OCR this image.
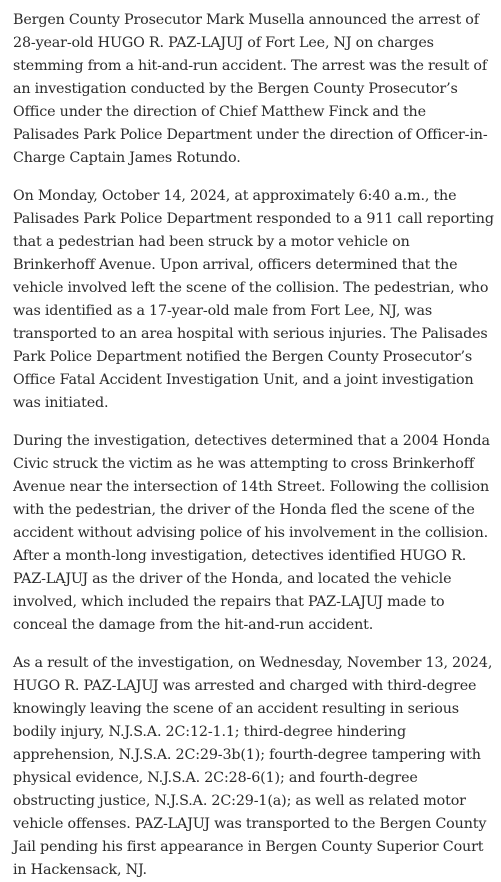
Bergen County Prosecutor Mark Musella announced the arrest of 28-year-old HUGO R. PAZ-LAJUJ of Fort Lee, NJ on charges stemming from a hit-and-run accident. The arrest was the result of an investigation conducted by the Bergen County Prosecutor’s Office under the direction of Chief Matthew Finck and the Palisades Park Police Department under the direction of Officer-in-Charge Captain James Rotundo.

On Monday, October 14, 2024, at approximately 6:40 a.m., the Palisades Park Police Department responded to a 911 call reporting that a pedestrian had been struck by a motor vehicle on Brinkerhoff Avenue. Upon arrival, officers determined that the vehicle involved left the scene of the collision. The pedestrian, who was identified as a 17-year-old male from Fort Lee, NJ, was transported to an area hospital with serious injuries. The Palisades Park Police Department notified the Bergen County Prosecutor’s Office Fatal Accident Investigation Unit, and a joint investigation was initiated.

During the investigation, detectives determined that a 2004 Honda Civic struck the victim as he was attempting to cross Brinkerhoff Avenue near the intersection of 14th Street. Following the collision with the pedestrian, the driver of the Honda fled the scene of the accident without advising police of his involvement in the collision. After a month-long investigation, detectives identified HUGO R. PAZ-LAJUJ as the driver of the Honda, and located the vehicle involved, which included the repairs that PAZ-LAJUJ made to conceal the damage from the hit-and-run accident.

As a result of the investigation, on Wednesday, November 13, 2024, HUGO R. PAZ-LAJUJ was arrested and charged with third-degree knowingly leaving the scene of an accident resulting in serious bodily injury, N.J.S.A. 2C:12-1.1; third-degree hindering apprehension, N.J.S.A. 2C:29-3b(1); fourth-degree tampering with physical evidence, N.J.S.A. 2C:28-6(1); and fourth-degree obstructing justice, N.J.S.A. 2C:29-1(a); as well as related motor vehicle offenses. PAZ-LAJUJ was transported to the Bergen County Jail pending his first appearance in Bergen County Superior Court in Hackensack, NJ.
